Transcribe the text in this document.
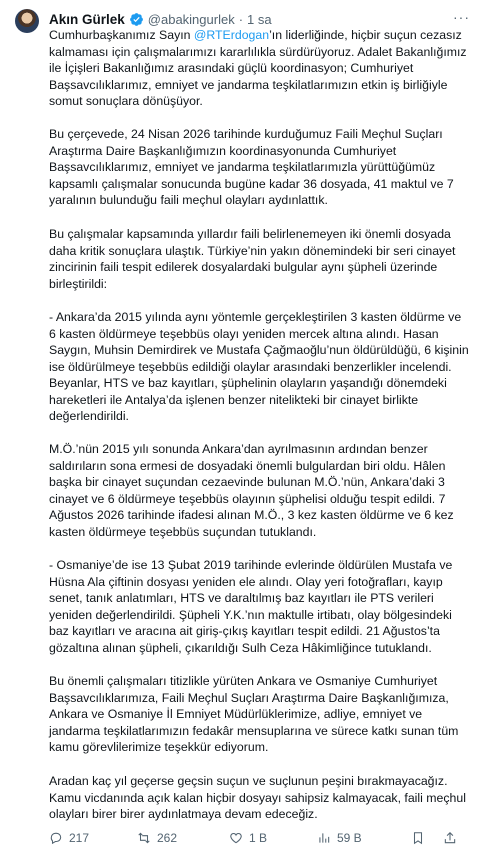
Akın Gürlek @abakingurlek · 1 sa	···

Cumhurbaşkanımız Sayın @RTErdogan’ın liderliğinde, hiçbir suçun cezasız kalmaması için çalışmalarımızı kararlılıkla sürdürüyoruz. Adalet Bakanlığımız ile İçişleri Bakanlığımız arasındaki güçlü koordinasyon; Cumhuriyet Başsavcılıklarımız, emniyet ve jandarma teşkilatlarımızın etkin iş birliğiyle somut sonuçlara dönüşüyor.

Bu çerçevede, 24 Nisan 2026 tarihinde kurduğumuz Faili Meçhul Suçları Araştırma Daire Başkanlığımızın koordinasyonunda Cumhuriyet Başsavcılıklarımız, emniyet ve jandarma teşkilatlarımızla yürüttüğümüz kapsamlı çalışmalar sonucunda bugüne kadar 36 dosyada, 41 maktul ve 7 yaralının bulunduğu faili meçhul olayları aydınlattık.

Bu çalışmalar kapsamında yıllardır faili belirlenemeyen iki önemli dosyada daha kritik sonuçlara ulaştık. Türkiye’nin yakın dönemindeki bir seri cinayet zincirinin faili tespit edilerek dosyalardaki bulgular aynı şüpheli üzerinde birleştirildi:

- Ankara’da 2015 yılında aynı yöntemle gerçekleştirilen 3 kasten öldürme ve 6 kasten öldürmeye teşebbüs olayı yeniden mercek altına alındı. Hasan Saygın, Muhsin Demirdirek ve Mustafa Çağmaoğlu’nun öldürüldüğü, 6 kişinin ise öldürülmeye teşebbüs edildiği olaylar arasındaki benzerlikler incelendi. Beyanlar, HTS ve baz kayıtları, şüphelinin olayların yaşandığı dönemdeki hareketleri ile Antalya’da işlenen benzer nitelikteki bir cinayet birlikte değerlendirildi.

M.Ö.’nün 2015 yılı sonunda Ankara’dan ayrılmasının ardından benzer saldırıların sona ermesi de dosyadaki önemli bulgulardan biri oldu. Hâlen başka bir cinayet suçundan cezaevinde bulunan M.Ö.’nün, Ankara’daki 3 cinayet ve 6 öldürmeye teşebbüs olayının şüphelisi olduğu tespit edildi. 7 Ağustos 2026 tarihinde ifadesi alınan M.Ö., 3 kez kasten öldürme ve 6 kez kasten öldürmeye teşebbüs suçundan tutuklandı.

- Osmaniye’de ise 13 Şubat 2019 tarihinde evlerinde öldürülen Mustafa ve Hüsna Ala çiftinin dosyası yeniden ele alındı. Olay yeri fotoğrafları, kayıp senet, tanık anlatımları, HTS ve daraltılmış baz kayıtları ile PTS verileri yeniden değerlendirildi. Şüpheli Y.K.’nın maktulle irtibatı, olay bölgesindeki baz kayıtları ve aracına ait giriş-çıkış kayıtları tespit edildi. 21 Ağustos’ta gözaltına alınan şüpheli, çıkarıldığı Sulh Ceza Hâkimliğince tutuklandı.

Bu önemli çalışmaları titizlikle yürüten Ankara ve Osmaniye Cumhuriyet Başsavcılıklarımıza, Faili Meçhul Suçları Araştırma Daire Başkanlığımıza, Ankara ve Osmaniye İl Emniyet Müdürlüklerimize, adliye, emniyet ve jandarma teşkilatlarımızın fedakâr mensuplarına ve sürece katkı sunan tüm kamu görevlilerimize teşekkür ediyorum.

Aradan kaç yıl geçerse geçsin suçun ve suçlunun peşini bırakmayacağız. Kamu vicdanında açık kalan hiçbir dosyayı sahipsiz kalmayacak, faili meçhul olayları birer birer aydınlatmaya devam edeceğiz.

217	262	1 B	59 B
